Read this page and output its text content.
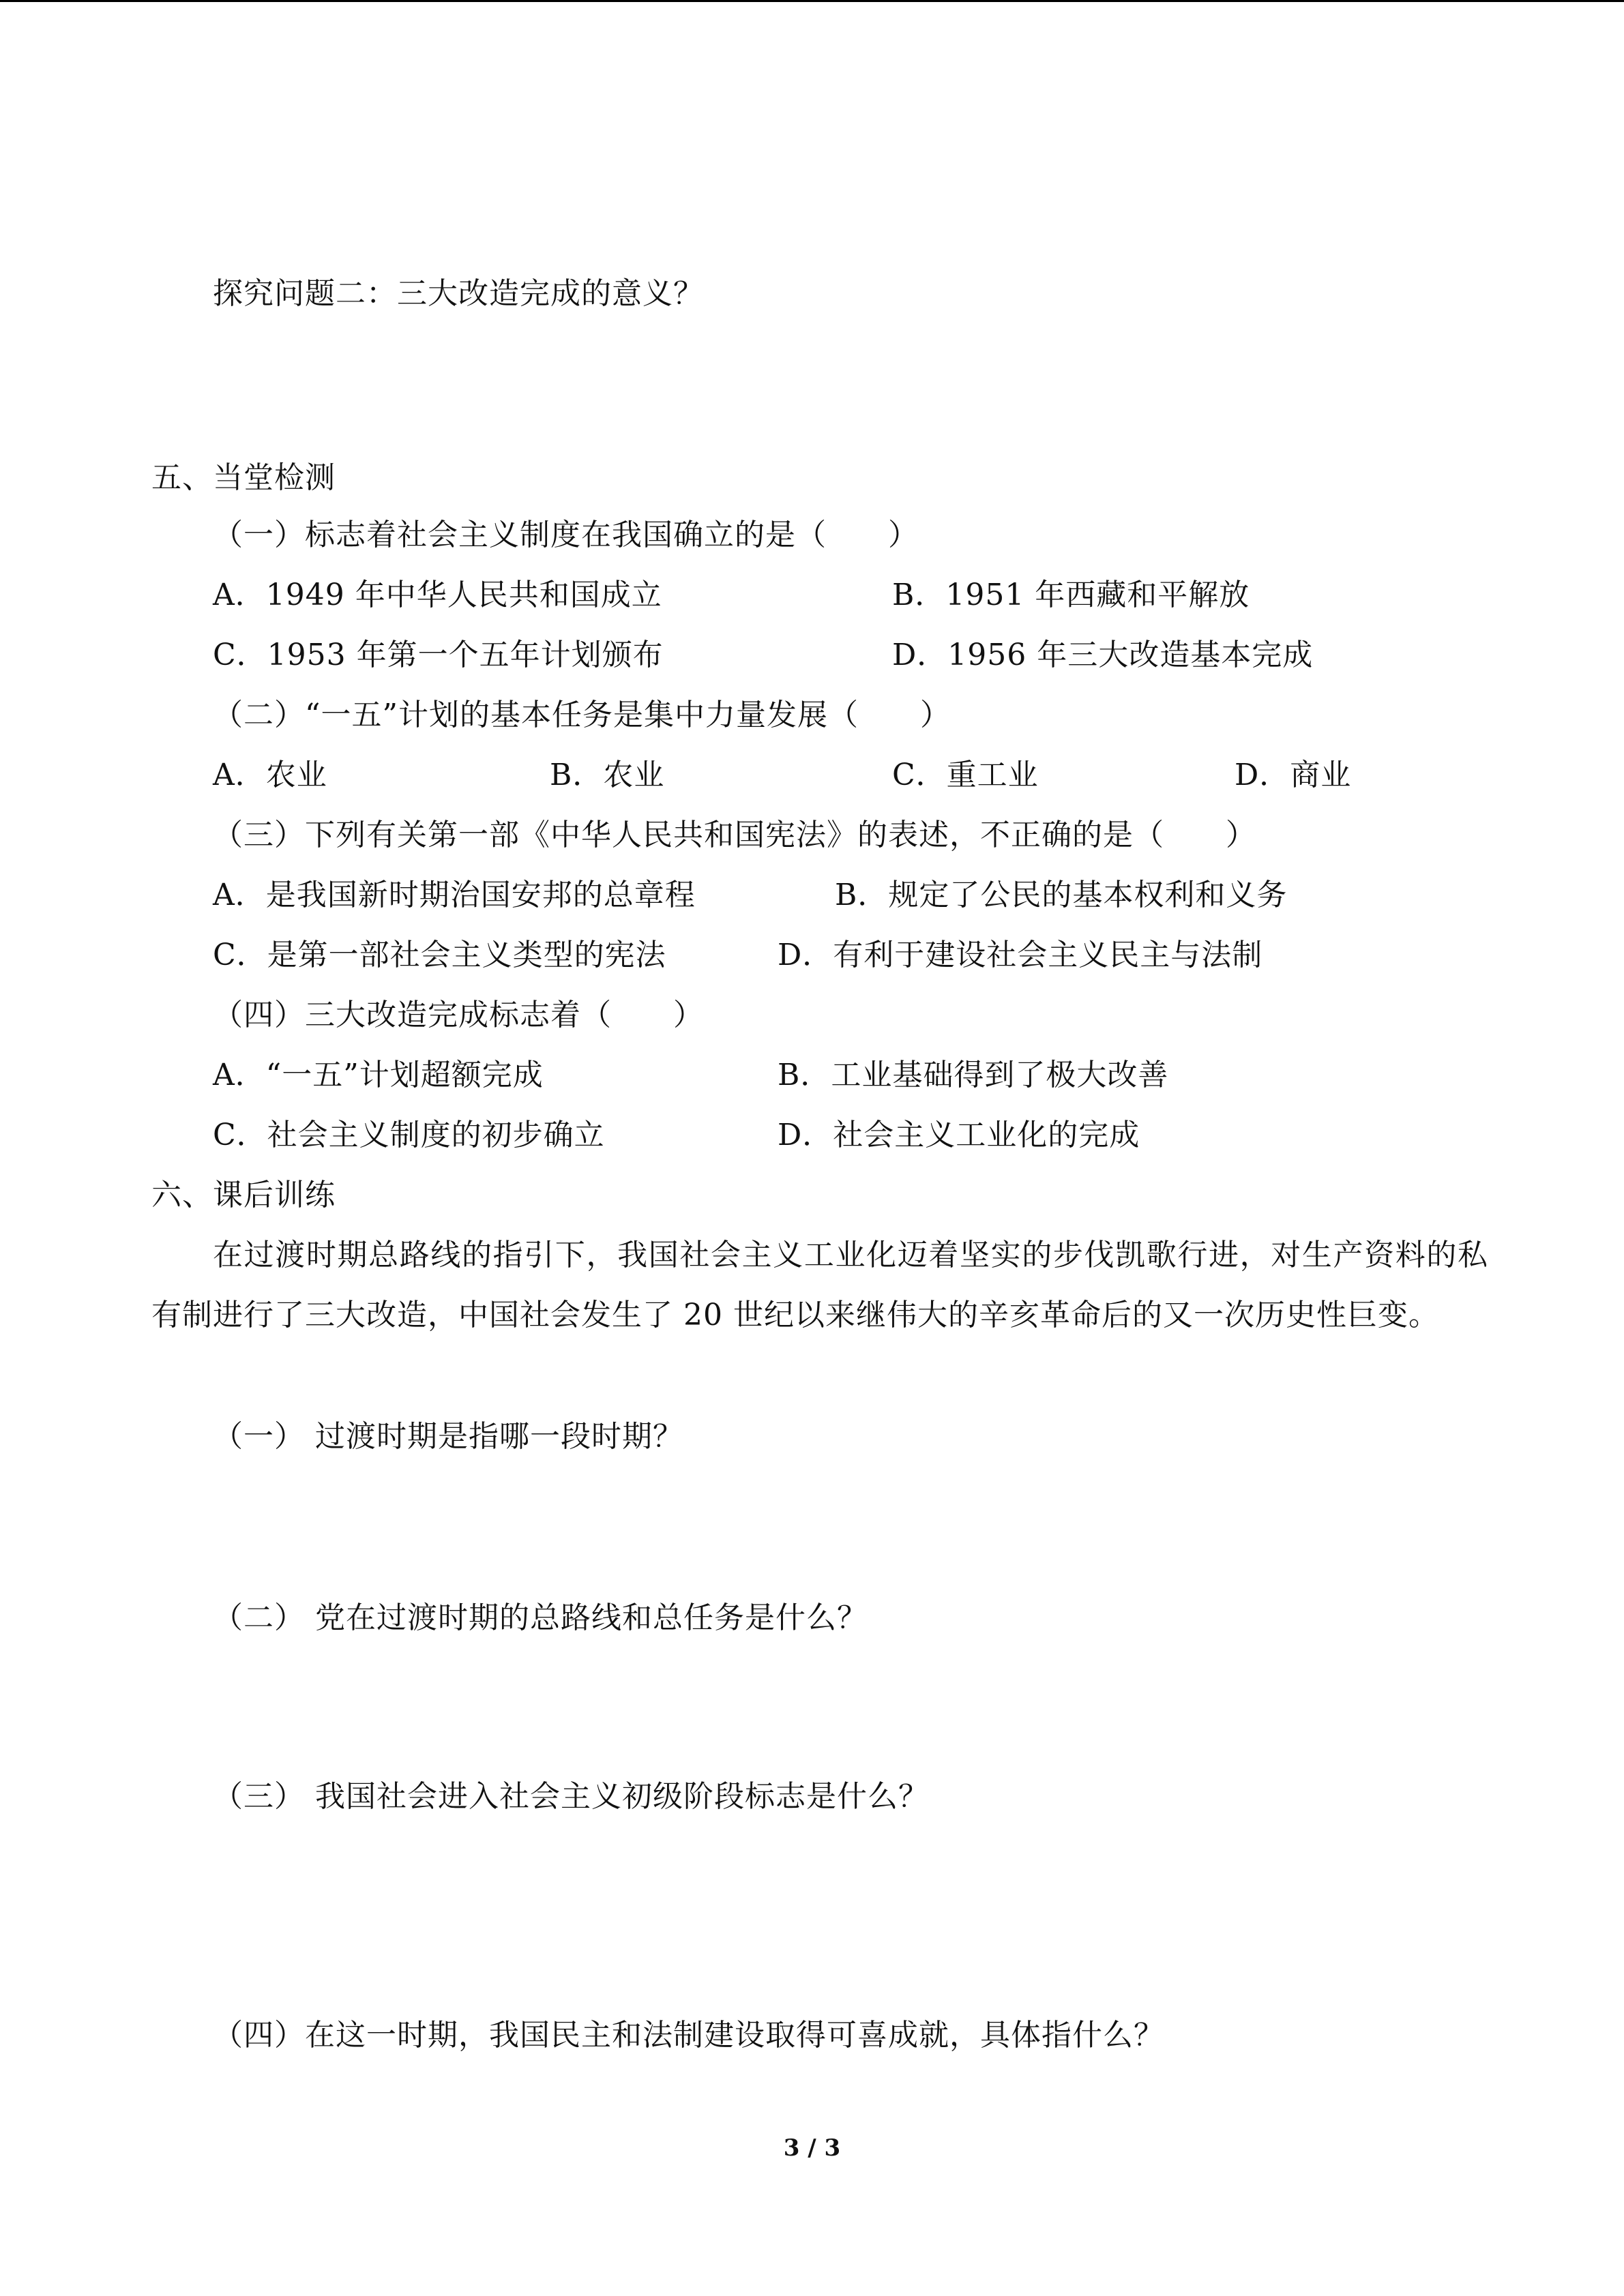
探究问题二：三大改造完成的意义？
五、当堂检测
（一）标志着社会主义制度在我国确立的是（　　）
A．1949 年中华人民共和国成立	B．1951 年西藏和平解放
C．1953 年第一个五年计划颁布	D．1956 年三大改造基本完成
（二）“一五”计划的基本任务是集中力量发展（　　）
A．农业	B．农业	C．重工业	D．商业
（三）下列有关第一部《中华人民共和国宪法》的表述，不正确的是（　　）
A．是我国新时期治国安邦的总章程	B．规定了公民的基本权利和义务
C．是第一部社会主义类型的宪法	D．有利于建设社会主义民主与法制
（四）三大改造完成标志着（　　）
A．“一五”计划超额完成	B．工业基础得到了极大改善
C．社会主义制度的初步确立	D．社会主义工业化的完成
六、课后训练
在过渡时期总路线的指引下，我国社会主义工业化迈着坚实的步伐凯歌行进，对生产资料的私有制进行了三大改造，中国社会发生了 20 世纪以来继伟大的辛亥革命后的又一次历史性巨变。
（一） 过渡时期是指哪一段时期？
（二） 党在过渡时期的总路线和总任务是什么？
（三） 我国社会进入社会主义初级阶段标志是什么？
（四）在这一时期，我国民主和法制建设取得可喜成就，具体指什么？
3 / 3
